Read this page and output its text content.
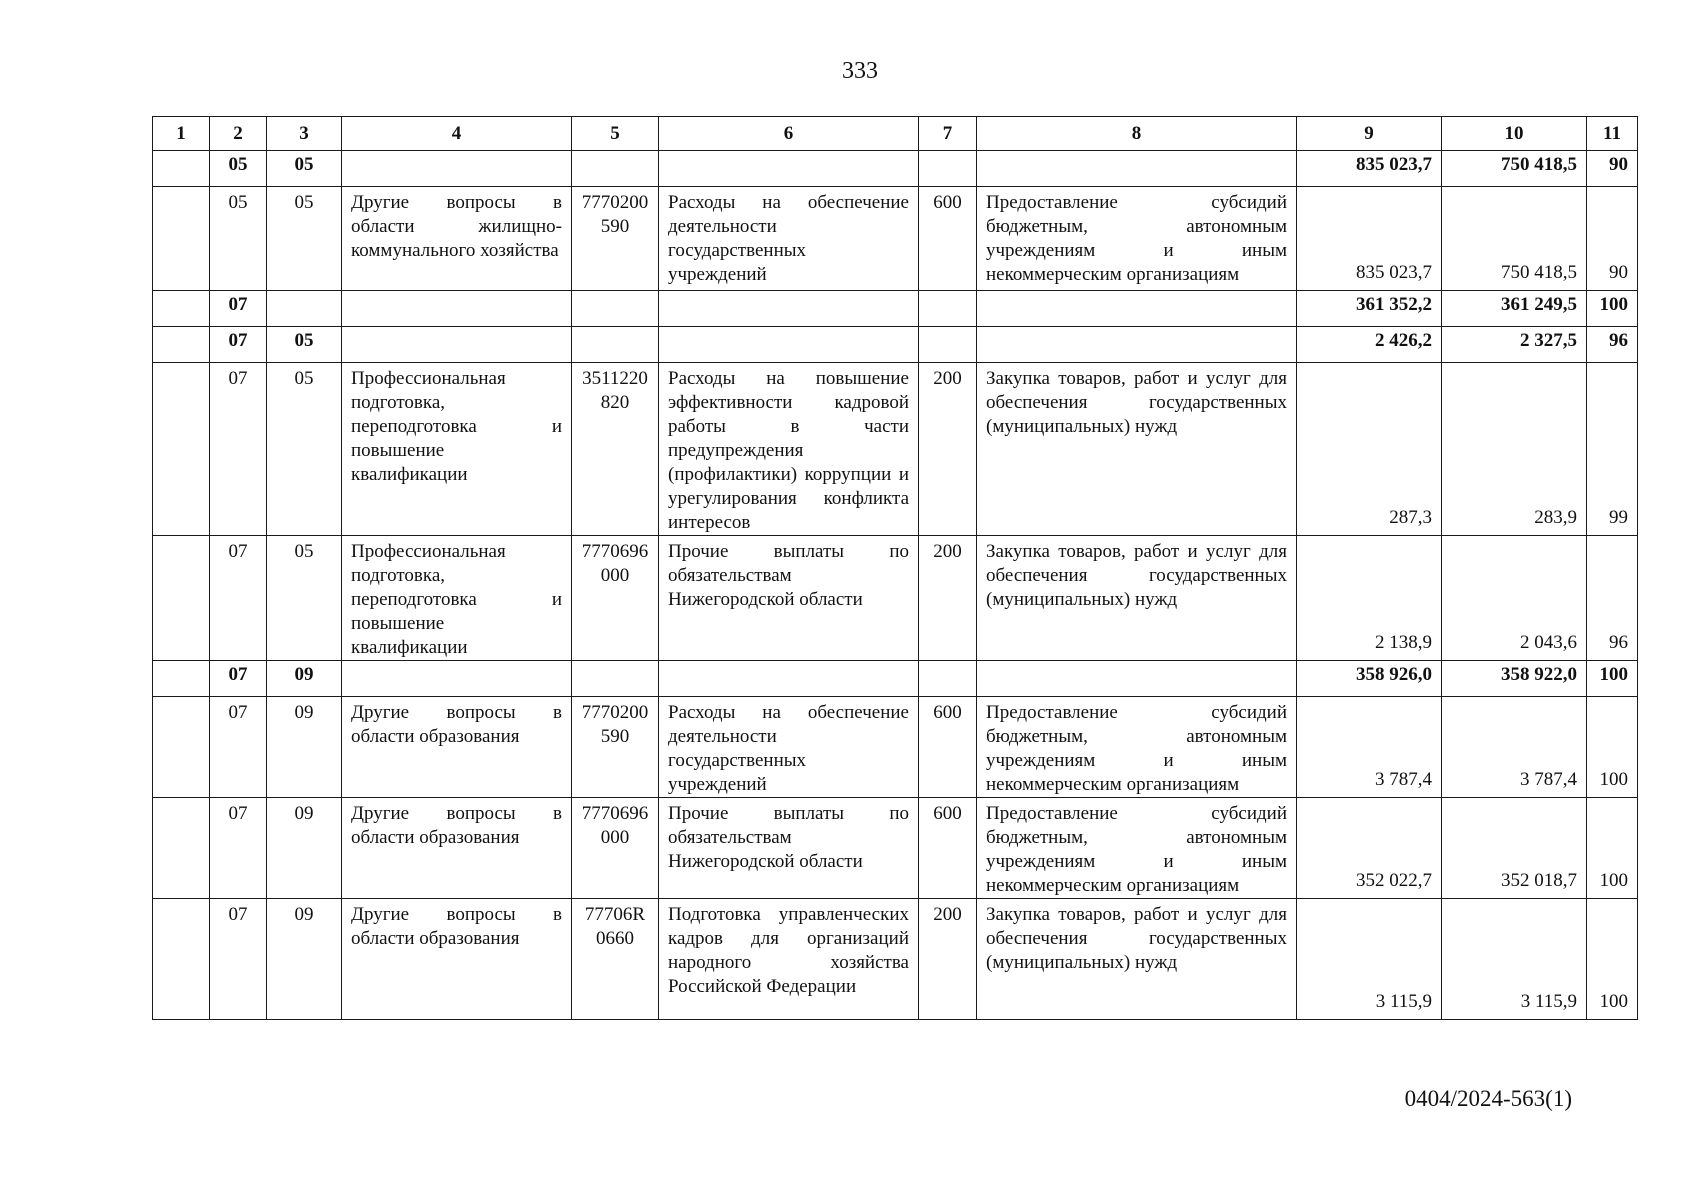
333
1	2	3	4	5	6	7	8	9	10	11
	05	05						835 023,7	750 418,5	90
	05	05	Другие вопросы в области жилищно-коммунального хозяйства	7770200590	Расходы на обеспечение деятельности государственных учреждений	600	Предоставление субсидий бюджетным, автономным учреждениям и иным некоммерческим организациям	835 023,7	750 418,5	90
	07							361 352,2	361 249,5	100
	07	05						2 426,2	2 327,5	96
	07	05	Профессиональная подготовка, переподготовка и повышение квалификации	3511220820	Расходы на повышение эффективности кадровой работы в части предупреждения (профилактики) коррупции и урегулирования конфликта интересов	200	Закупка товаров, работ и услуг для обеспечения государственных (муниципальных) нужд	287,3	283,9	99
	07	05	Профессиональная подготовка, переподготовка и повышение квалификации	7770696000	Прочие выплаты по обязательствам Нижегородской области	200	Закупка товаров, работ и услуг для обеспечения государственных (муниципальных) нужд	2 138,9	2 043,6	96
	07	09						358 926,0	358 922,0	100
	07	09	Другие вопросы в области образования	7770200590	Расходы на обеспечение деятельности государственных учреждений	600	Предоставление субсидий бюджетным, автономным учреждениям и иным некоммерческим организациям	3 787,4	3 787,4	100
	07	09	Другие вопросы в области образования	7770696000	Прочие выплаты по обязательствам Нижегородской области	600	Предоставление субсидий бюджетным, автономным учреждениям и иным некоммерческим организациям	352 022,7	352 018,7	100
	07	09	Другие вопросы в области образования	77706R0660	Подготовка управленческих кадров для организаций народного хозяйства Российской Федерации	200	Закупка товаров, работ и услуг для обеспечения государственных (муниципальных) нужд	3 115,9	3 115,9	100
0404/2024-563(1)
